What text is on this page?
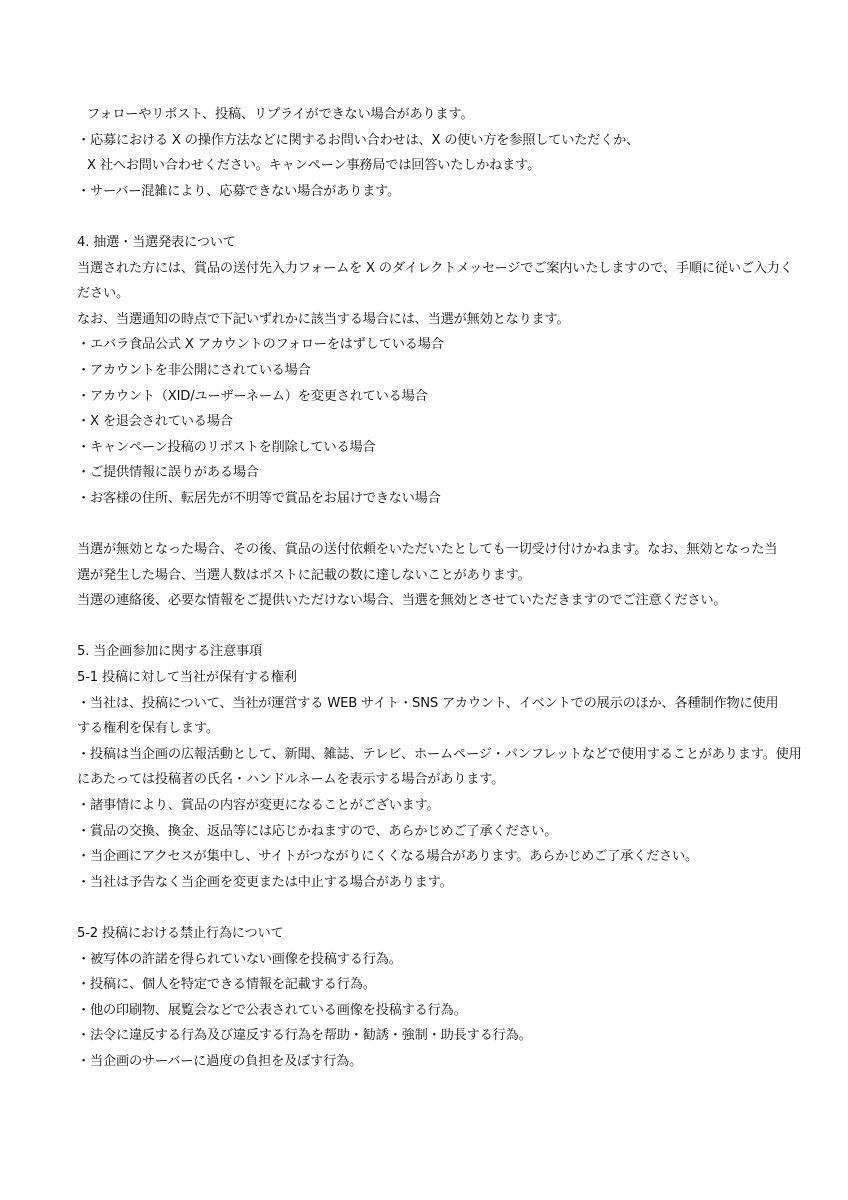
フォローやリポスト、投稿、リプライができない場合があります。
・応募における X の操作方法などに関するお問い合わせは、X の使い方を参照していただくか、
X 社へお問い合わせください。キャンペーン事務局では回答いたしかねます。
・サーバー混雑により、応募できない場合があります。
4. 抽選・当選発表について
当選された方には、賞品の送付先入力フォームを X のダイレクトメッセージでご案内いたしますので、手順に従いご入力く
ださい。
なお、当選通知の時点で下記いずれかに該当する場合には、当選が無効となります。
・エバラ食品公式 X アカウントのフォローをはずしている場合
・アカウントを非公開にされている場合
・アカウント（XID/ユーザーネーム）を変更されている場合
・X を退会されている場合
・キャンペーン投稿のリポストを削除している場合
・ご提供情報に誤りがある場合
・お客様の住所、転居先が不明等で賞品をお届けできない場合
当選が無効となった場合、その後、賞品の送付依頼をいただいたとしても一切受け付けかねます。なお、無効となった当
選が発生した場合、当選人数はポストに記載の数に達しないことがあります。
当選の連絡後、必要な情報をご提供いただけない場合、当選を無効とさせていただきますのでご注意ください。
5. 当企画参加に関する注意事項
5-1 投稿に対して当社が保有する権利
・当社は、投稿について、当社が運営する WEB サイト・SNS アカウント、イベントでの展示のほか、各種制作物に使用
する権利を保有します。
・投稿は当企画の広報活動として、新聞、雑誌、テレビ、ホームページ・パンフレットなどで使用することがあります。使用
にあたっては投稿者の氏名・ハンドルネームを表示する場合があります。
・諸事情により、賞品の内容が変更になることがございます。
・賞品の交換、換金、返品等には応じかねますので、あらかじめご了承ください。
・当企画にアクセスが集中し、サイトがつながりにくくなる場合があります。あらかじめご了承ください。
・当社は予告なく当企画を変更または中止する場合があります。
5-2 投稿における禁止行為について
・被写体の許諾を得られていない画像を投稿する行為。
・投稿に、個人を特定できる情報を記載する行為。
・他の印刷物、展覧会などで公表されている画像を投稿する行為。
・法令に違反する行為及び違反する行為を帮助・勧誘・強制・助長する行為。
・当企画のサーバーに過度の負担を及ぼす行為。
